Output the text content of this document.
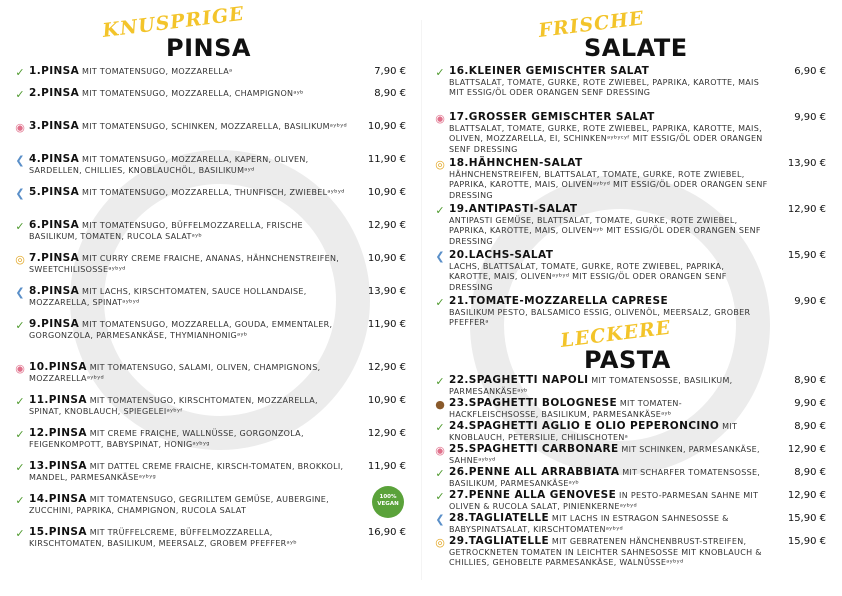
KNUSPRIGE
PINSA
✓ 1.PINSA MIT TOMATENSUGO, MOZZARELLAᵃ	7,90 €
✓ 2.PINSA MIT TOMATENSUGO, MOZZARELLA, CHAMPIGNONᵃʸᵇ	8,90 €
◉ 3.PINSA MIT TOMATENSUGO, SCHINKEN, MOZZARELLA, BASILIKUMᵃʸᵇʸᵈ	10,90 €
❮ 4.PINSA MIT TOMATENSUGO, MOZZARELLA, KAPERN, OLIVEN, SARDELLEN, CHILLIES, KNOBLAUCHÖL, BASILIKUMᵃʸᵈ
11,90 €
❮ 5.PINSA MIT TOMATENSUGO, MOZZARELLA, THUNFISCH, ZWIEBELᵃʸᵇʸᵈ	10,90 €
✓ 6.PINSA MIT TOMATENSUGO, BÜFFELMOZZARELLA, FRISCHE BASILIKUM, TOMATEN, RUCOLA SALATᵃʸᵇ
12,90 €
◎ 7.PINSA MIT CURRY CREME FRAICHE, ANANAS, HÄHNCHENSTREIFEN, SWEETCHILISOSSEᵃʸᵇʸᵈ
10,90 €
❮ 8.PINSA MIT LACHS, KIRSCHTOMATEN, SAUCE HOLLANDAISE, MOZZARELLA, SPINATᵃʸᵇʸᵈ
13,90 €
✓ 9.PINSA MIT TOMATENSUGO, MOZZARELLA, GOUDA, EMMENTALER, GORGONZOLA, PARMESANKÄSE, THYMIANHONIGᵃʸᵇ
11,90 €
◉ 10.PINSA MIT TOMATENSUGO, SALAMI, OLIVEN, CHAMPIGNONS, MOZZARELLAᵃʸᵇʸᵈ
12,90 €
✓ 11.PINSA MIT TOMATENSUGO, KIRSCHTOMATEN, MOZZARELLA, SPINAT, KNOBLAUCH, SPIEGELEIᵃʸᵇʸᶠ
10,90 €
✓ 12.PINSA MIT CREME FRAICHE, WALLNÜSSE, GORGONZOLA, FEIGENKOMPOTT, BABYSPINAT, HONIGᵃʸᵇʸᵍ
12,90 €
✓ 13.PINSA MIT DATTEL CREME FRAICHE, KIRSCH-TOMATEN, BROKKOLI, MANDEL, PARMESANKÄSEᵃʸᵇʸᵍ
11,90 €
✓ 14.PINSA MIT TOMATENSUGO, GEGRILLTEM GEMÜSE, AUBERGINE, ZUCCHINI, PAPRIKA, CHAMPIGNON, RUCOLA SALAT
✓ 15.PINSA MIT TRÜFFELCREME, BÜFFELMOZZARELLA, KIRSCHTOMATEN, BASILIKUM, MEERSALZ, GROBEM PFEFFERᵃʸᵇ
16,90 €
100% VEGAN
FRISCHE
SALATE
✓ 16.KLEINER GEMISCHTER SALAT
BLATTSALAT, TOMATE, GURKE, ROTE ZWIEBEL, PAPRIKA, KAROTTE, MAIS MIT ESSIG/ÖL ODER ORANGEN SENF DRESSING
6,90 €
◉ 17.GROSSER GEMISCHTER SALAT
BLATTSALAT, TOMATE, GURKE, ROTE ZWIEBEL, PAPRIKA, KAROTTE, MAIS, OLIVEN, MOZZARELLA, EI, SCHINKENᵃʸᵇʸᶜʸᶠ MIT ESSIG/ÖL ODER ORANGEN SENF DRESSING
9,90 €
◎ 18.HÄHNCHEN-SALAT
HÄHNCHENSTREIFEN, BLATTSALAT, TOMATE, GURKE, ROTE ZWIEBEL, PAPRIKA, KAROTTE, MAIS, OLIVENᵃʸᵇʸᵈ MIT ESSIG/ÖL ODER ORANGEN SENF DRESSING
13,90 €
✓ 19.ANTIPASTI-SALAT
ANTIPASTI GEMÜSE, BLATTSALAT, TOMATE, GURKE, ROTE ZWIEBEL, PAPRIKA, KAROTTE, MAIS, OLIVENᵃʸᵇ MIT ESSIG/ÖL ODER ORANGEN SENF DRESSING
12,90 €
❮ 20.LACHS-SALAT
LACHS, BLATTSALAT, TOMATE, GURKE, ROTE ZWIEBEL, PAPRIKA, KAROTTE, MAIS, OLIVENᵃʸᵇʸᵈ MIT ESSIG/ÖL ODER ORANGEN SENF DRESSING
15,90 €
✓ 21.TOMATE-MOZZARELLA CAPRESE
BASILIKUM PESTO, BALSAMICO ESSIG, OLIVENÖL, MEERSALZ, GROBER PFEFFERᵃ
9,90 €
LECKERE
PASTA
✓ 22.SPAGHETTI NAPOLI MIT TOMATENSOSSE, BASILIKUM, PARMESANKÄSEᵃʸᵇ
8,90 €
● 23.SPAGHETTI BOLOGNESE MIT TOMATEN-HACKFLEISCHSOSSE, BASILIKUM, PARMESANKÄSEᵃʸᵇ
9,90 €
✓ 24.SPAGHETTI AGLIO E OLIO PEPERONCINO MIT KNOBLAUCH, PETERSILIE, CHILISCHOTENᵃ
8,90 €
◉ 25.SPAGHETTI CARBONARE MIT SCHINKEN, PARMESANKÄSE, SAHNEᵃʸᵇʸᵈ
12,90 €
✓ 26.PENNE ALL ARRABBIATA MIT SCHARFER TOMATENSOSSE, BASILIKUM, PARMESANKÄSEᵃʸᵇ
8,90 €
✓ 27.PENNE ALLA GENOVESE IN PESTO-PARMESAN SAHNE MIT OLIVEN & RUCOLA SALAT, PINIENKERNEᵃʸᵇʸᵈ
12,90 €
❮ 28.TAGLIATELLE MIT LACHS IN ESTRAGON SAHNESOSSE & BABYSPINATSALAT, KIRSCHTOMATENᵃʸᵇʸᵈ
15,90 €
◎ 29.TAGLIATELLE MIT GEBRATENEN HÄNCHENBRUST-STREIFEN, GETROCKNETEN TOMATEN IN LEICHTER SAHNESOSSE MIT KNOBLAUCH & CHILLIES, GEHOBELTE PARMESANKÄSE, WALNÜSSEᵃʸᵇʸᵈ
15,90 €
